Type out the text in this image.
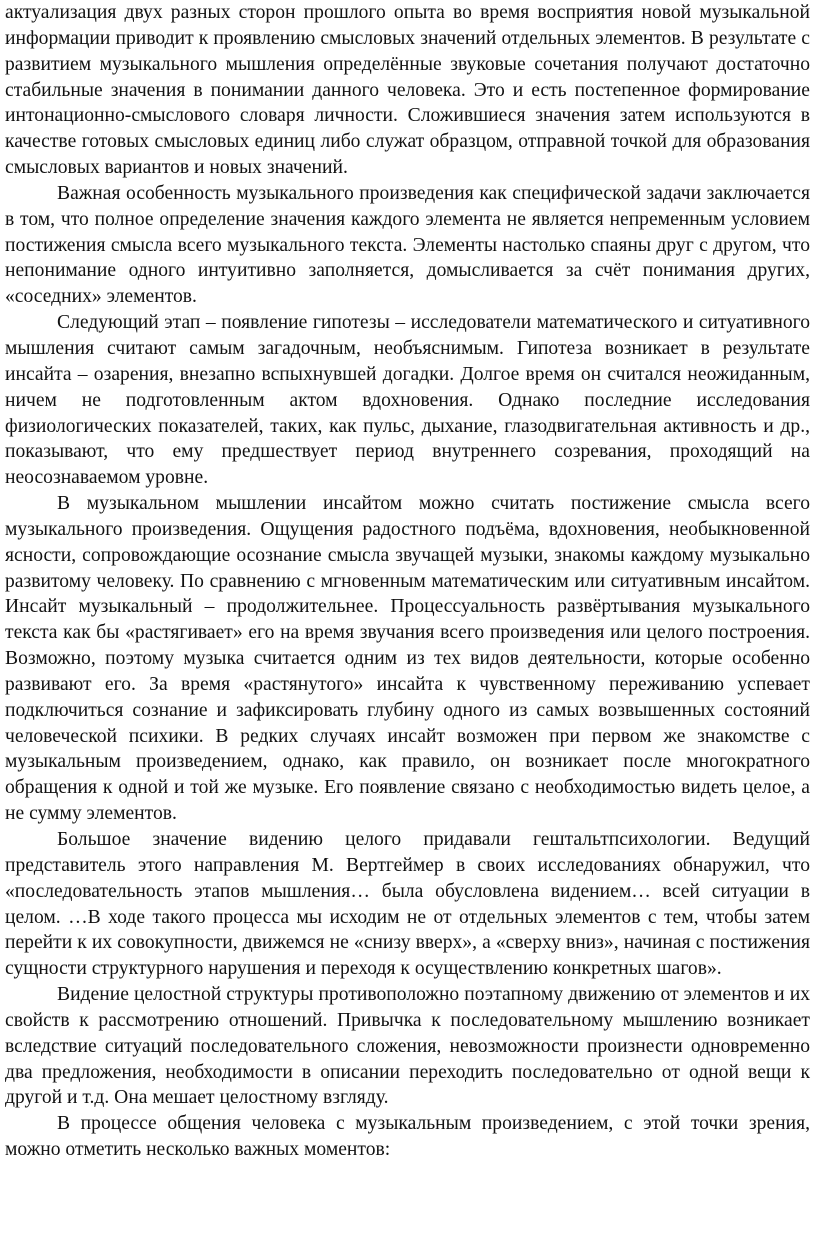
актуализация двух разных сторон прошлого опыта во время восприятия новой музыкальной информации приводит к проявлению смысловых значений отдельных элементов. В результате с развитием музыкального мышления определённые звуковые сочетания получают достаточно стабильные значения в понимании данного человека. Это и есть постепенное формирование интонационно-смыслового словаря личности. Сложившиеся значения затем используются в качестве готовых смысловых единиц либо служат образцом, отправной точкой для образования смысловых вариантов и новых значений.

Важная особенность музыкального произведения как специфической задачи заключается в том, что полное определение значения каждого элемента не является непременным условием постижения смысла всего музыкального текста. Элементы настолько спаяны друг с другом, что непонимание одного интуитивно заполняется, домысливается за счёт понимания других, «соседних» элементов.

Следующий этап – появление гипотезы – исследователи математического и ситуативного мышления считают самым загадочным, необъяснимым. Гипотеза возникает в результате инсайта – озарения, внезапно вспыхнувшей догадки. Долгое время он считался неожиданным, ничем не подготовленным актом вдохновения. Однако последние исследования физиологических показателей, таких, как пульс, дыхание, глазодвигательная активность и др., показывают, что ему предшествует период внутреннего созревания, проходящий на неосознаваемом уровне.

В музыкальном мышлении инсайтом можно считать постижение смысла всего музыкального произведения. Ощущения радостного подъёма, вдохновения, необыкновенной ясности, сопровождающие осознание смысла звучащей музыки, знакомы каждому музыкально развитому человеку. По сравнению с мгновенным математическим или ситуативным инсайтом. Инсайт музыкальный – продолжительнее. Процессуальность развёртывания музыкального текста как бы «растягивает» его на время звучания всего произведения или целого построения. Возможно, поэтому музыка считается одним из тех видов деятельности, которые особенно развивают его. За время «растянутого» инсайта к чувственному переживанию успевает подключиться сознание и зафиксировать глубину одного из самых возвышенных состояний человеческой психики. В редких случаях инсайт возможен при первом же знакомстве с музыкальным произведением, однако, как правило, он возникает после многократного обращения к одной и той же музыке. Его появление связано с необходимостью видеть целое, а не сумму элементов.

Большое значение видению целого придавали гештальтпсихологии. Ведущий представитель этого направления М. Вертгеймер в своих исследованиях обнаружил, что «последовательность этапов мышления… была обусловлена видением… всей ситуации в целом. …В ходе такого процесса мы исходим не от отдельных элементов с тем, чтобы затем перейти к их совокупности, движемся не «снизу вверх», а «сверху вниз», начиная с постижения сущности структурного нарушения и переходя к осуществлению конкретных шагов».

Видение целостной структуры противоположно поэтапному движению от элементов и их свойств к рассмотрению отношений. Привычка к последовательному мышлению возникает вследствие ситуаций последовательного сложения, невозможности произнести одновременно два предложения, необходимости в описании переходить последовательно от одной вещи к другой и т.д. Она мешает целостному взгляду.

В процессе общения человека с музыкальным произведением, с этой точки зрения, можно отметить несколько важных моментов:
